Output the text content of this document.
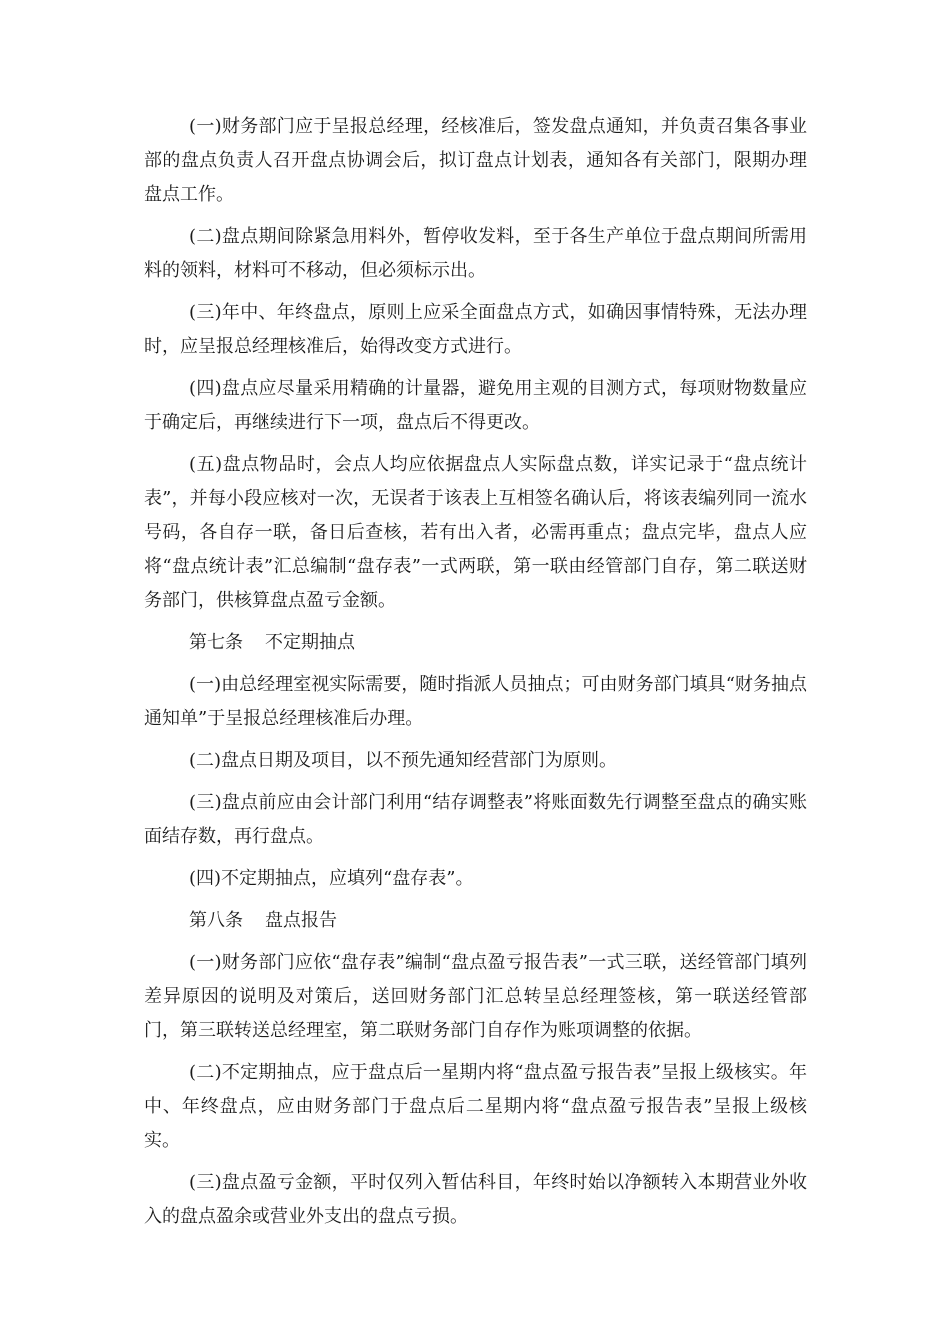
(一)财务部门应于呈报总经理，经核准后，签发盘点通知，并负责召集各事业部的盘点负责人召开盘点协调会后，拟订盘点计划表，通知各有关部门，限期办理盘点工作。

(二)盘点期间除紧急用料外，暂停收发料，至于各生产单位于盘点期间所需用料的领料，材料可不移动，但必须标示出。

(三)年中、年终盘点，原则上应采全面盘点方式，如确因事情特殊，无法办理时，应呈报总经理核准后，始得改变方式进行。

(四)盘点应尽量采用精确的计量器，避免用主观的目测方式，每项财物数量应于确定后，再继续进行下一项，盘点后不得更改。

(五)盘点物品时，会点人均应依据盘点人实际盘点数，详实记录于“盘点统计表”，并每小段应核对一次，无误者于该表上互相签名确认后，将该表编列同一流水号码，各自存一联，备日后查核，若有出入者，必需再重点；盘点完毕，盘点人应将“盘点统计表”汇总编制“盘存表”一式两联，第一联由经管部门自存，第二联送财务部门，供核算盘点盈亏金额。

第七条 不定期抽点

(一)由总经理室视实际需要，随时指派人员抽点；可由财务部门填具“财务抽点通知单”于呈报总经理核准后办理。

(二)盘点日期及项目，以不预先通知经营部门为原则。

(三)盘点前应由会计部门利用“结存调整表”将账面数先行调整至盘点的确实账面结存数，再行盘点。

(四)不定期抽点，应填列“盘存表”。

第八条 盘点报告

(一)财务部门应依“盘存表”编制“盘点盈亏报告表”一式三联，送经管部门填列差异原因的说明及对策后，送回财务部门汇总转呈总经理签核，第一联送经管部门，第三联转送总经理室，第二联财务部门自存作为账项调整的依据。

(二)不定期抽点，应于盘点后一星期内将“盘点盈亏报告表”呈报上级核实。年中、年终盘点，应由财务部门于盘点后二星期内将“盘点盈亏报告表”呈报上级核实。

(三)盘点盈亏金额，平时仅列入暂估科目，年终时始以净额转入本期营业外收入的盘点盈余或营业外支出的盘点亏损。
